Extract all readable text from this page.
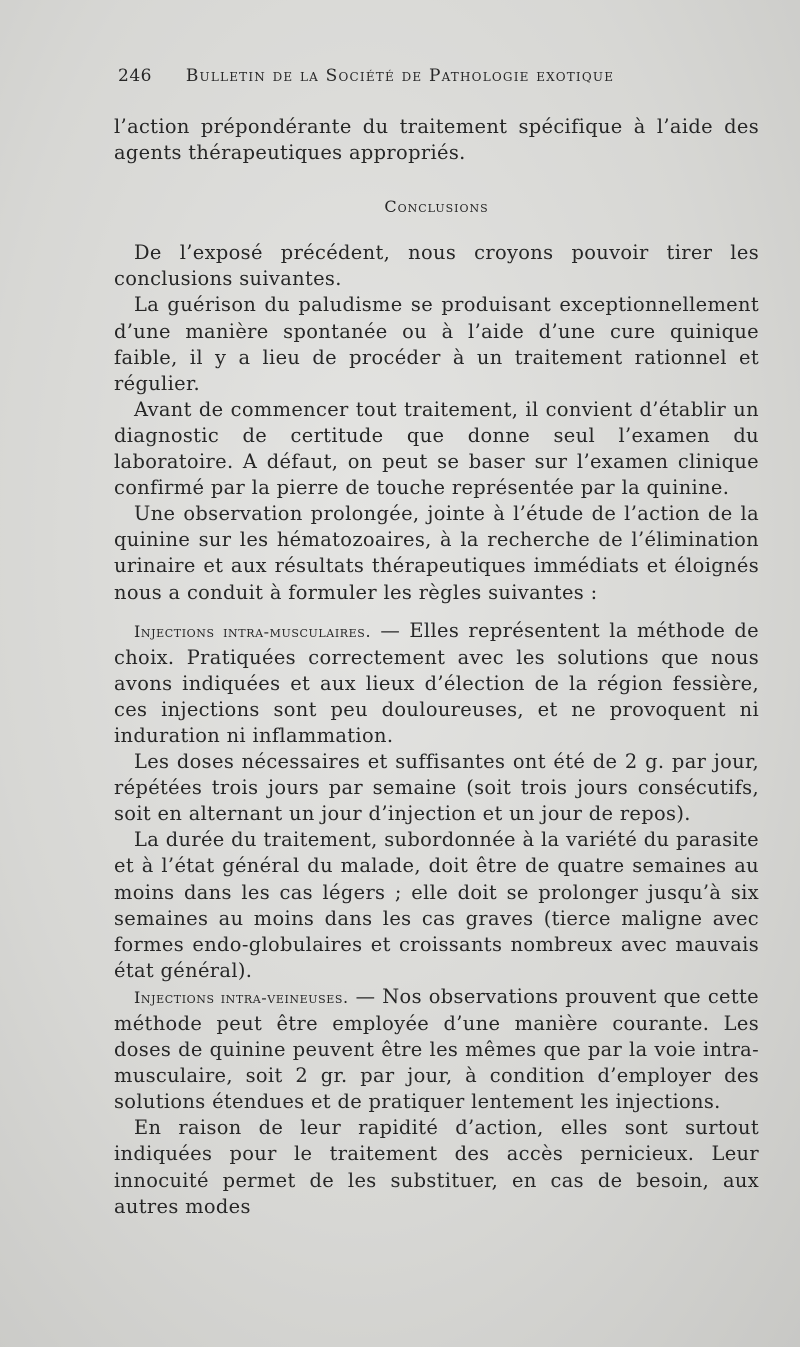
246 Bulletin de la Société de Pathologie exotique

l’action prépondérante du traitement spécifique à l’aide des agents thérapeutiques appropriés.

Conclusions

De l’exposé précédent, nous croyons pouvoir tirer les conclusions suivantes.

La guérison du paludisme se produisant exceptionnellement d’une manière spontanée ou à l’aide d’une cure quinique faible, il y a lieu de procéder à un traitement rationnel et régulier.

Avant de commencer tout traitement, il convient d’établir un diagnostic de certitude que donne seul l’examen du laboratoire. A défaut, on peut se baser sur l’examen clinique confirmé par la pierre de touche représentée par la quinine.

Une observation prolongée, jointe à l’étude de l’action de la quinine sur les hématozoaires, à la recherche de l’élimination urinaire et aux résultats thérapeutiques immédiats et éloignés nous a conduit à formuler les règles suivantes :

Injections intra-musculaires. — Elles représentent la méthode de choix. Pratiquées correctement avec les solutions que nous avons indiquées et aux lieux d’élection de la région fessière, ces injections sont peu douloureuses, et ne provoquent ni induration ni inflammation.

Les doses nécessaires et suffisantes ont été de 2 g. par jour, répétées trois jours par semaine (soit trois jours consécutifs, soit en alternant un jour d’injection et un jour de repos).

La durée du traitement, subordonnée à la variété du parasite et à l’état général du malade, doit être de quatre semaines au moins dans les cas légers ; elle doit se prolonger jusqu’à six semaines au moins dans les cas graves (tierce maligne avec formes endo-globulaires et croissants nombreux avec mauvais état général).

Injections intra-veineuses. — Nos observations prouvent que cette méthode peut être employée d’une manière courante. Les doses de quinine peuvent être les mêmes que par la voie intra-musculaire, soit 2 gr. par jour, à condition d’employer des solutions étendues et de pratiquer lentement les injections.

En raison de leur rapidité d’action, elles sont surtout indiquées pour le traitement des accès pernicieux. Leur innocuité permet de les substituer, en cas de besoin, aux autres modes
